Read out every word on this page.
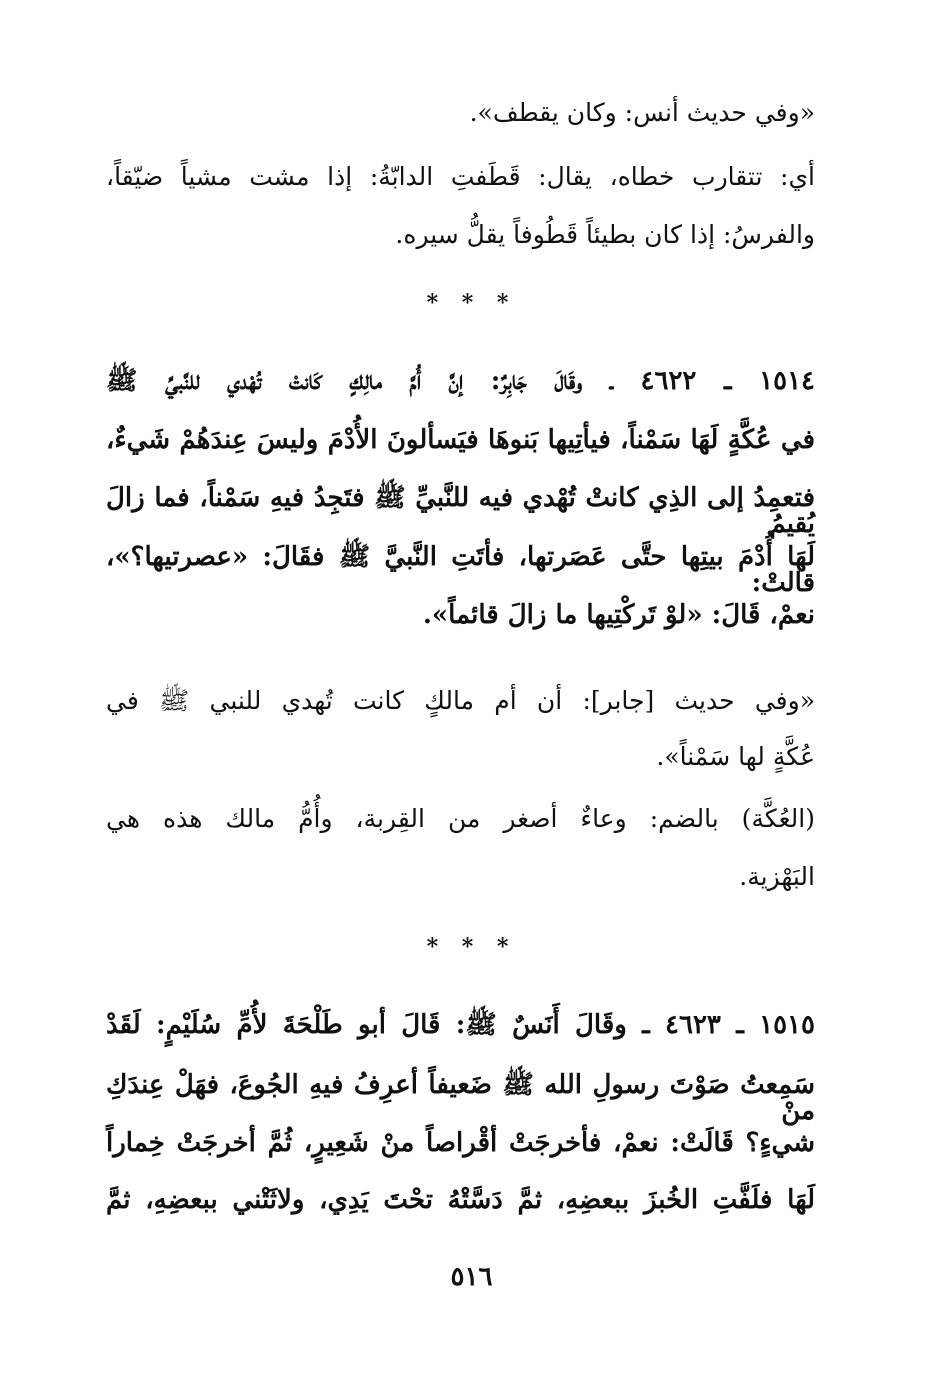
«وفي حديث أنس: وكان يقطف».
أي: تتقارب خطاه، يقال: قَطَفتِ الدابّةُ: إذا مشت مشياً ضيّقاً،
والفرسُ: إذا كان بطيئاً قَطُوفاً يقلُّ سيره.
* * *
١٥١٤ ـ ٤٦٢٢ ـ وقَالَ جَابِرٌ: إنَّ أُمَّ مالِكٍ كَانتْ تُهْدي للنَّبيِّ ﷺ
في عُكَّةٍ لَهَا سَمْناً، فيأتِيها بَنوهَا فيَسألونَ الأُدْمَ وليسَ عِندَهُمْ شَيءٌ،
فتعمِدُ إلى الذِي كانتْ تُهْدي فيه للنَّبيِّ ﷺ فتَجِدُ فيهِ سَمْناً، فما زالَ يُقيمُ
لَهَا أُدْمَ بيتِها حتَّى عَصَرتها، فأتَتِ النَّبيَّ ﷺ فقَالَ: «عصرتيها؟»، قالتْ:
نعمْ، قَالَ: «لوْ تَركْتِيها ما زالَ قائماً».
«وفي حديث [جابر]: أن أم مالكٍ كانت تُهدي للنبي ﷺ في
عُكَّةٍ لها سَمْناً».
(العُكَّة) بالضم: وعاءٌ أصغر من القِربة، وأُمُّ مالك هذه هي
البَهْزية.
* * *
١٥١٥ ـ ٤٦٢٣ ـ وقَالَ أَنَسٌ ﷺ: قَالَ أبو طَلْحَةَ لأُمِّ سُلَيْمٍ: لَقَدْ
سَمِعتُ صَوْتَ رسولِ الله ﷺ ضَعيفاً أعرِفُ فيهِ الجُوعَ، فهَلْ عِندَكِ منْ
شيءٍ؟ قَالَتْ: نعمْ، فأخرجَتْ أقْراصاً منْ شَعِيرٍ، ثُمَّ أخرجَتْ خِماراً
لَهَا فلَفَّتِ الخُبزَ ببعضِهِ، ثمَّ دَسَّتْهُ تحْتَ يَدِي، ولاثَتْني ببعضِهِ، ثمَّ
٥١٦
